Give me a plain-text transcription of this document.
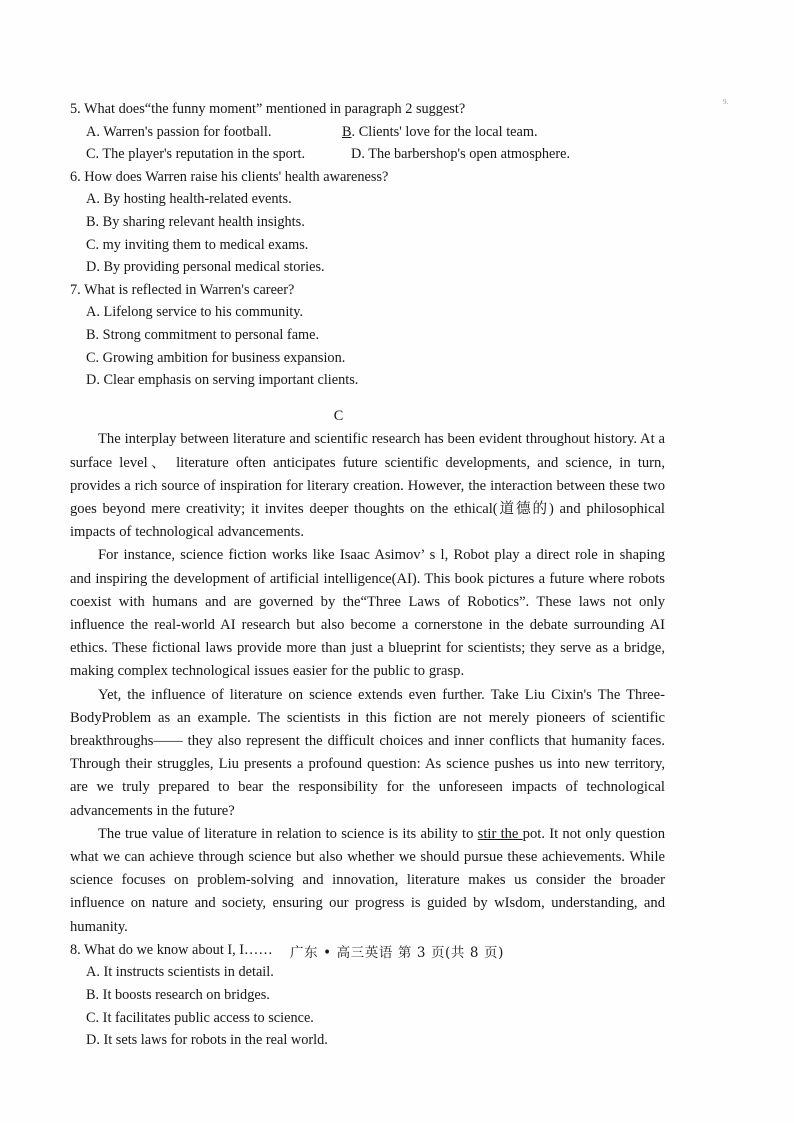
9.
5. What does“the funny moment” mentioned in paragraph 2 suggest?
A. Warren's passion for football.	B. Clients' love for the local team.
C. The player's reputation in the sport.	D. The barbershop's open atmosphere.
6. How does Warren raise his clients' health awareness?
A. By hosting health-related events.
B. By sharing relevant health insights.
C. my inviting them to medical exams.
D. By providing personal medical stories.
7. What is reflected in Warren's career?
A. Lifelong service to his community.
B. Strong commitment to personal fame.
C. Growing ambition for business expansion.
D. Clear emphasis on serving important clients.
C

The interplay between literature and scientific research has been evident throughout history. At a surface level、 literature often anticipates future scientific developments, and science, in turn, provides a rich source of inspiration for literary creation. However, the interaction between these two goes beyond mere creativity; it invites deeper thoughts on the ethical(道德的) and philosophical impacts of technological advancements.

For instance, science fiction works like Isaac Asimov’ s l, Robot play a direct role in shaping and inspiring the development of artificial intelligence(AI). This book pictures a future where robots coexist with humans and are governed by the“Three Laws of Robotics”. These laws not only influence the real-world AI research but also become a cornerstone in the debate surrounding AI ethics. These fictional laws provide more than just a blueprint for scientists; they serve as a bridge, making complex technological issues easier for the public to grasp.

Yet, the influence of literature on science extends even further. Take Liu Cixin's The Three-BodyProblem as an example. The scientists in this fiction are not merely pioneers of scientific breakthroughs—— they also represent the difficult choices and inner conflicts that humanity faces. Through their struggles, Liu presents a profound question: As science pushes us into new territory, are we truly prepared to bear the responsibility for the unforeseen impacts of technological advancements in the future?

The true value of literature in relation to science is its ability to stir the pot. It not only question what we can achieve through science but also whether we should pursue these achievements. While science focuses on problem-solving and innovation, literature makes us consider the broader influence on nature and society, ensuring our progress is guided by wIsdom, understanding, and humanity.

8. What do we know about I, I……
A. It instructs scientists in detail.
B. It boosts research on bridges.
C. It facilitates public access to science.
D. It sets laws for robots in the real world.
广东 • 高三英语 第 3 页(共 8 页)
